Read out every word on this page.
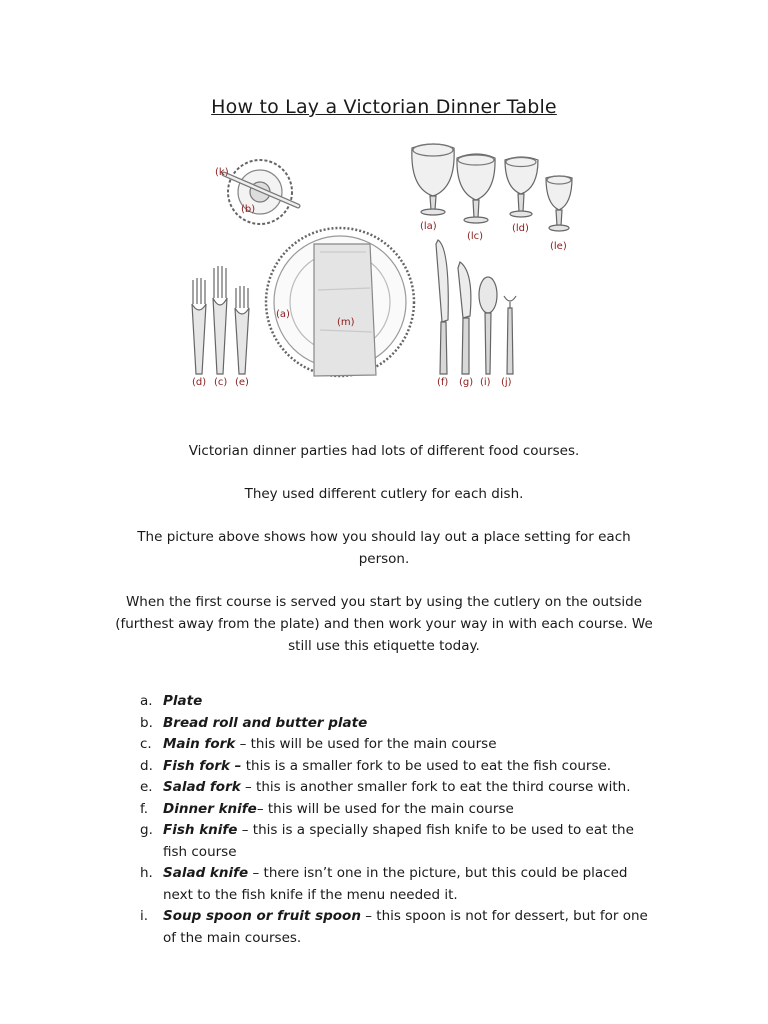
How to Lay a Victorian Dinner Table
(k)
(b)
(la)
(lc)
(ld)
(le)
(a)
(m)
(d) (c) (e)	(f) (g) (i) (j)

Victorian dinner parties had lots of different food courses.

They used different cutlery for each dish.

The picture above shows how you should lay out a place setting for each person.

When the first course is served you start by using the cutlery on the outside (furthest away from the plate) and then work your way in with each course. We still use this etiquette today.

a. Plate
b. Bread roll and butter plate
c. Main fork – this will be used for the main course
d. Fish fork – this is a smaller fork to be used to eat the fish course.
e. Salad fork – this is another smaller fork to eat the third course with.
f. Dinner knife– this will be used for the main course
g. Fish knife – this is a specially shaped fish knife to be used to eat the fish course
h. Salad knife – there isn’t one in the picture, but this could be placed next to the fish knife if the menu needed it.
i. Soup spoon or fruit spoon – this spoon is not for dessert, but for one of the main courses.
